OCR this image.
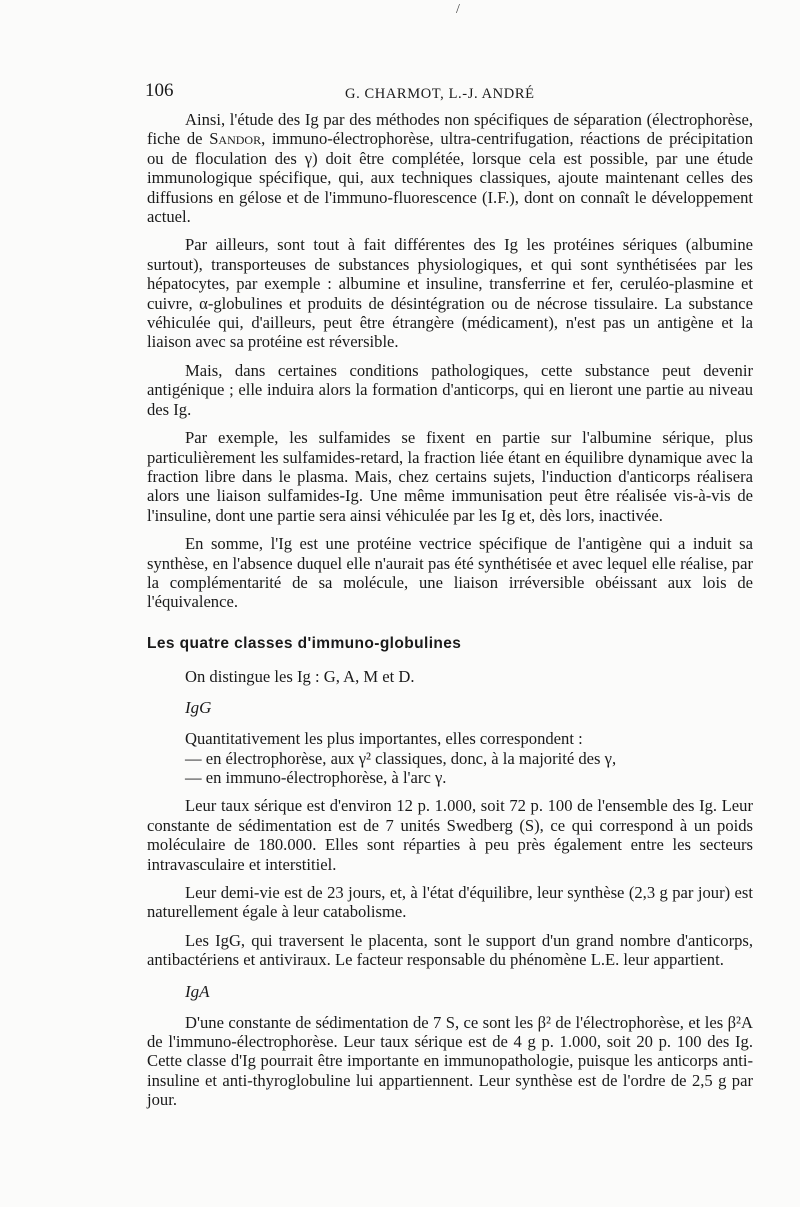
/
106	G. CHARMOT, L.-J. ANDRÉ

Ainsi, l'étude des Ig par des méthodes non spécifiques de séparation (électrophorèse, fiche de Sandor, immuno-électrophorèse, ultra-centrifugation, réactions de précipitation ou de floculation des γ) doit être complétée, lorsque cela est possible, par une étude immunologique spécifique, qui, aux techniques classiques, ajoute maintenant celles des diffusions en gélose et de l'immuno-fluorescence (I.F.), dont on connaît le développement actuel.

Par ailleurs, sont tout à fait différentes des Ig les protéines sériques (albumine surtout), transporteuses de substances physiologiques, et qui sont synthétisées par les hépatocytes, par exemple : albumine et insuline, transferrine et fer, ceruléo-plasmine et cuivre, α-globulines et produits de désintégration ou de nécrose tissulaire. La substance véhiculée qui, d'ailleurs, peut être étrangère (médicament), n'est pas un antigène et la liaison avec sa protéine est réversible.

Mais, dans certaines conditions pathologiques, cette substance peut devenir antigénique ; elle induira alors la formation d'anticorps, qui en lieront une partie au niveau des Ig.

Par exemple, les sulfamides se fixent en partie sur l'albumine sérique, plus particulièrement les sulfamides-retard, la fraction liée étant en équilibre dynamique avec la fraction libre dans le plasma. Mais, chez certains sujets, l'induction d'anticorps réalisera alors une liaison sulfamides-Ig. Une même immunisation peut être réalisée vis-à-vis de l'insuline, dont une partie sera ainsi véhiculée par les Ig et, dès lors, inactivée.

En somme, l'Ig est une protéine vectrice spécifique de l'antigène qui a induit sa synthèse, en l'absence duquel elle n'aurait pas été synthétisée et avec lequel elle réalise, par la complémentarité de sa molécule, une liaison irréversible obéissant aux lois de l'équivalence.

Les quatre classes d'immuno-globulines

On distingue les Ig : G, A, M et D.

IgG

Quantitativement les plus importantes, elles correspondent :

— en électrophorèse, aux γ² classiques, donc, à la majorité des γ,

— en immuno-électrophorèse, à l'arc γ.

Leur taux sérique est d'environ 12 p. 1.000, soit 72 p. 100 de l'ensemble des Ig. Leur constante de sédimentation est de 7 unités Swedberg (S), ce qui correspond à un poids moléculaire de 180.000. Elles sont réparties à peu près également entre les secteurs intravasculaire et interstitiel.

Leur demi-vie est de 23 jours, et, à l'état d'équilibre, leur synthèse (2,3 g par jour) est naturellement égale à leur catabolisme.

Les IgG, qui traversent le placenta, sont le support d'un grand nombre d'anticorps, antibactériens et antiviraux. Le facteur responsable du phénomène L.E. leur appartient.

IgA

D'une constante de sédimentation de 7 S, ce sont les β² de l'électrophorèse, et les β²A de l'immuno-électrophorèse. Leur taux sérique est de 4 g p. 1.000, soit 20 p. 100 des Ig. Cette classe d'Ig pourrait être importante en immunopathologie, puisque les anticorps anti-insuline et anti-thyroglobuline lui appartiennent. Leur synthèse est de l'ordre de 2,5 g par jour.
